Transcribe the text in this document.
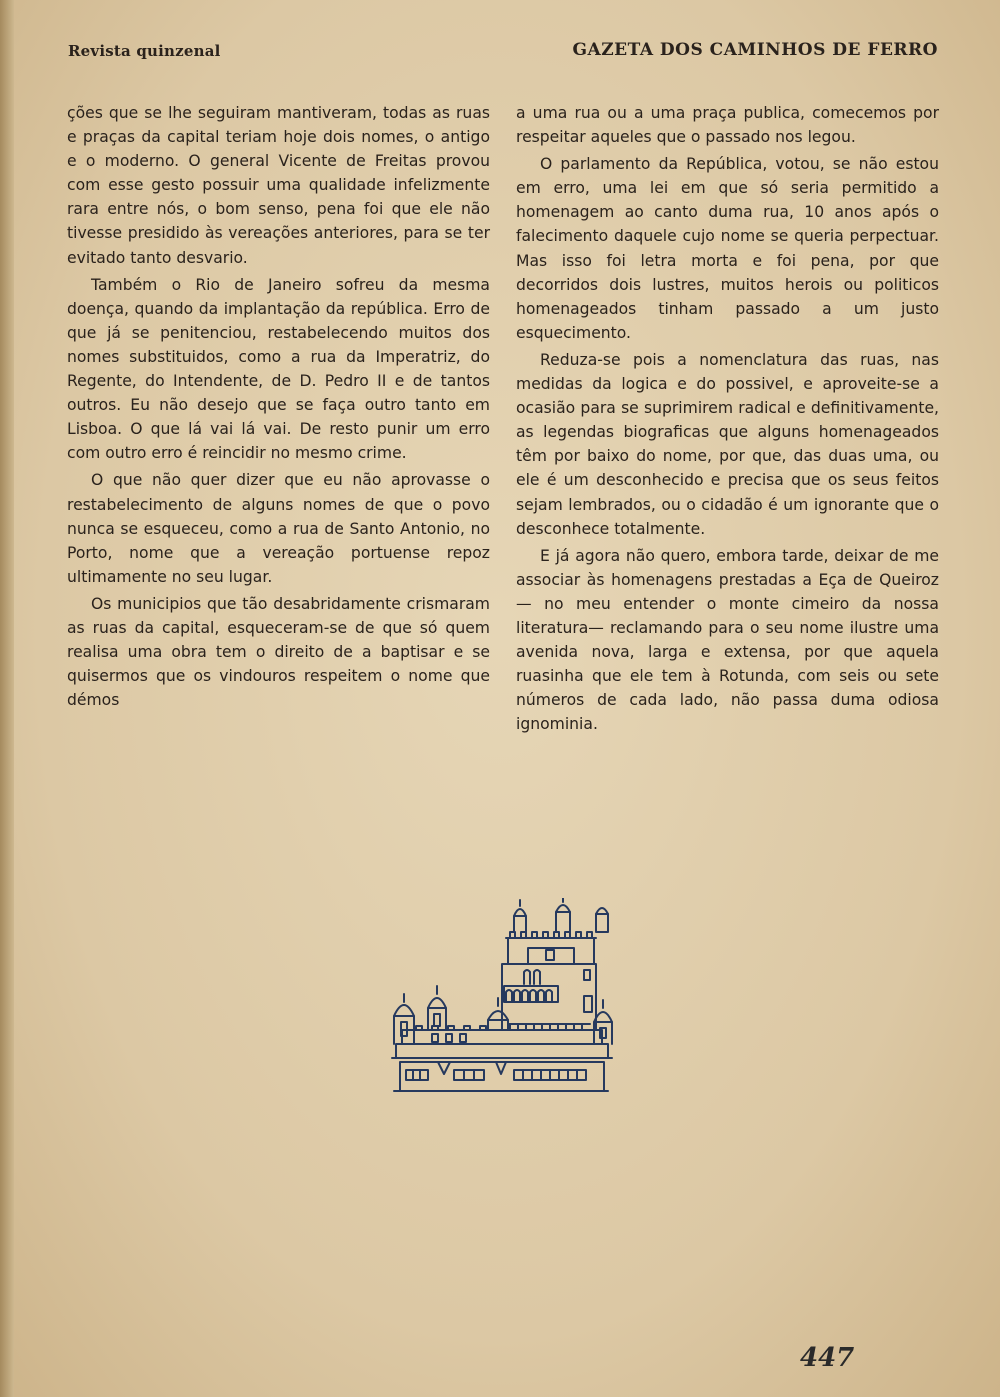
Revista quinzenal	GAZETA DOS CAMINHOS DE FERRO

ções que se lhe seguiram mantiveram, todas as ruas e praças da capital teriam hoje dois nomes, o antigo e o moderno. O general Vicente de Freitas provou com esse gesto possuir uma qualidade infelizmente rara entre nós, o bom senso, pena foi que ele não tivesse presidido às vereações anteriores, para se ter evitado tanto desvario.

Também o Rio de Janeiro sofreu da mesma doença, quando da implantação da república. Erro de que já se penitenciou, restabelecendo muitos dos nomes substituidos, como a rua da Imperatriz, do Regente, do Intendente, de D. Pedro II e de tantos outros. Eu não desejo que se faça outro tanto em Lisboa. O que lá vai lá vai. De resto punir um erro com outro erro é reincidir no mesmo crime.

O que não quer dizer que eu não aprovasse o restabelecimento de alguns nomes de que o povo nunca se esqueceu, como a rua de Santo Antonio, no Porto, nome que a vereação portuense repoz ultimamente no seu lugar.

Os municipios que tão desabridamente crismaram as ruas da capital, esqueceram-se de que só quem realisa uma obra tem o direito de a baptisar e se quisermos que os vindouros respeitem o nome que démos

a uma rua ou a uma praça publica, comecemos por respeitar aqueles que o passado nos legou.

O parlamento da República, votou, se não estou em erro, uma lei em que só seria permitido a homenagem ao canto duma rua, 10 anos após o falecimento daquele cujo nome se queria perpectuar. Mas isso foi letra morta e foi pena, por que decorridos dois lustres, muitos herois ou politicos homenageados tinham passado a um justo esquecimento.

Reduza-se pois a nomenclatura das ruas, nas medidas da logica e do possivel, e aproveite-se a ocasião para se suprimirem radical e definitivamente, as legendas biograficas que alguns homenageados têm por baixo do nome, por que, das duas uma, ou ele é um desconhecido e precisa que os seus feitos sejam lembrados, ou o cidadão é um ignorante que o desconhece totalmente.

E já agora não quero, embora tarde, deixar de me associar às homenagens prestadas a Eça de Queiroz— no meu entender o monte cimeiro da nossa literatura— reclamando para o seu nome ilustre uma avenida nova, larga e extensa, por que aquela ruasinha que ele tem à Rotunda, com seis ou sete números de cada lado, não passa duma odiosa ignominia.

447
